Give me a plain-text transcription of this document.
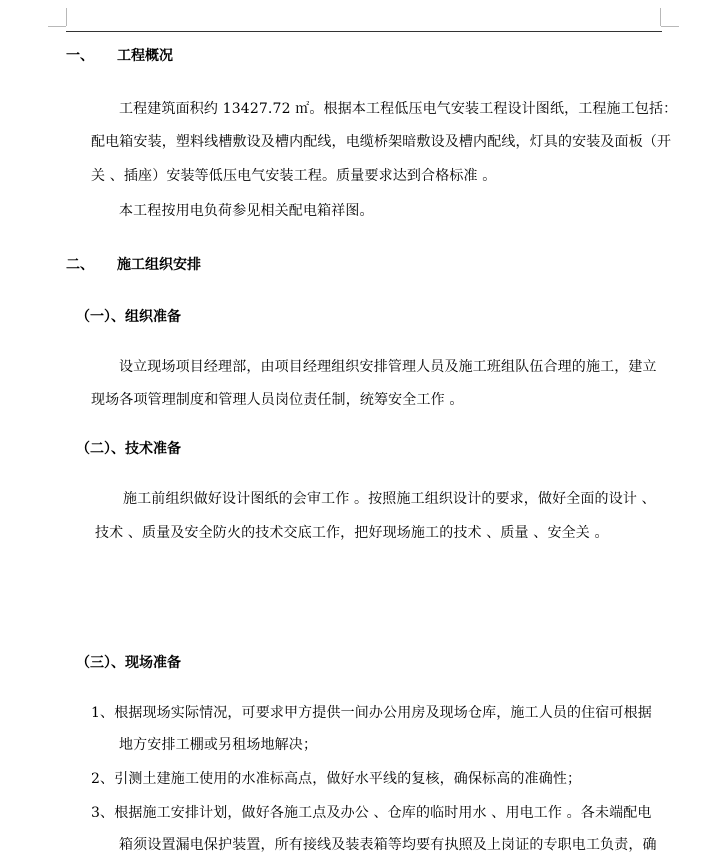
一、 工程概况
工程建筑面积约 13427.72 ㎡。根据本工程低压电气安装工程设计图纸，工程施工包括：
配电箱安装，塑料线槽敷设及槽内配线，电缆桥架暗敷设及槽内配线，灯具的安装及面板（开
关 、插座）安装等低压电气安装工程。质量要求达到合格标准 。
本工程按用电负荷参见相关配电箱祥图。
二、 施工组织安排
（一）、组织准备
设立现场项目经理部，由项目经理组织安排管理人员及施工班组队伍合理的施工，建立
现场各项管理制度和管理人员岗位责任制，统筹安全工作 。
（二）、技术准备
施工前组织做好设计图纸的会审工作 。按照施工组织设计的要求，做好全面的设计 、
技术 、质量及安全防火的技术交底工作，把好现场施工的技术 、质量 、安全关 。
（三）、现场准备
1、根据现场实际情况，可要求甲方提供一间办公用房及现场仓库，施工人员的住宿可根据
地方安排工棚或另租场地解决；
2、引测土建施工使用的水准标高点，做好水平线的复核，确保标高的准确性；
3、根据施工安排计划，做好各施工点及办公 、仓库的临时用水 、用电工作 。各未端配电
箱须设置漏电保护装置，所有接线及装表箱等均要有执照及上岗证的专职电工负责，确
